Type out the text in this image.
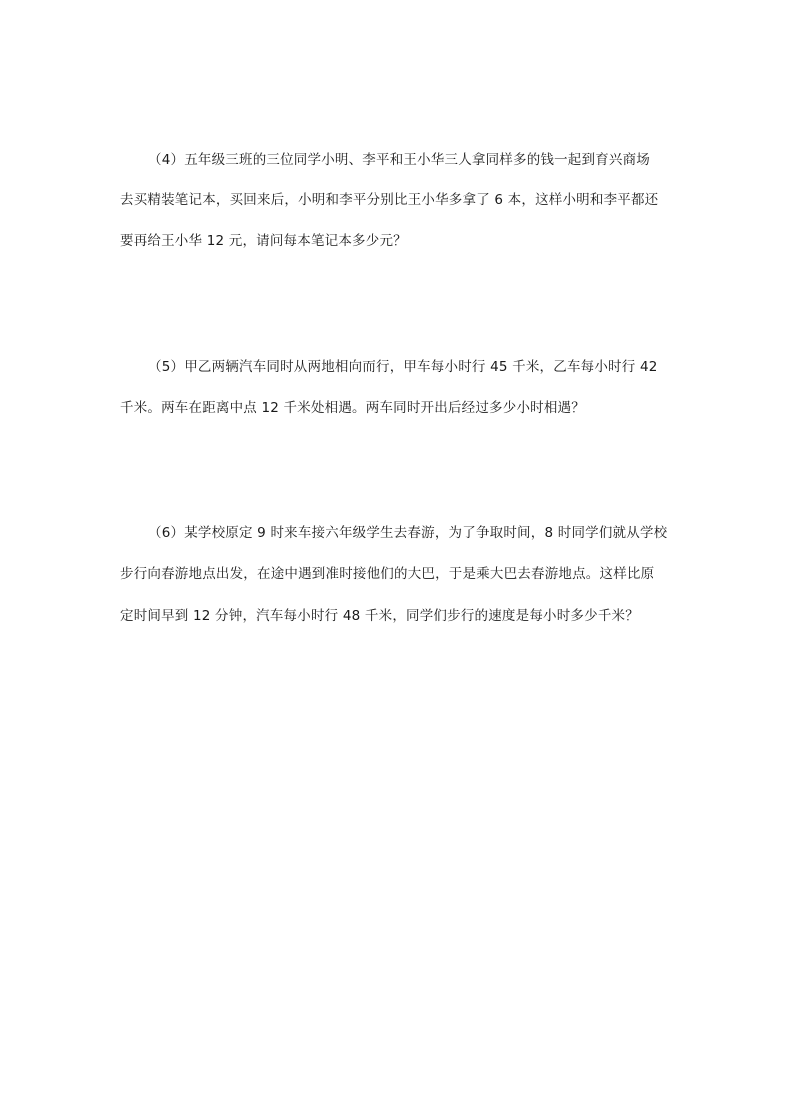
（4）五年级三班的三位同学小明、李平和王小华三人拿同样多的钱一起到育兴商场
去买精装笔记本，买回来后，小明和李平分别比王小华多拿了 6 本，这样小明和李平都还
要再给王小华 12 元，请问每本笔记本多少元？
（5）甲乙两辆汽车同时从两地相向而行，甲车每小时行 45 千米，乙车每小时行 42
千米。两车在距离中点 12 千米处相遇。两车同时开出后经过多少小时相遇？
（6）某学校原定 9 时来车接六年级学生去春游，为了争取时间，8 时同学们就从学校
步行向春游地点出发，在途中遇到准时接他们的大巴，于是乘大巴去春游地点。这样比原
定时间早到 12 分钟，汽车每小时行 48 千米，同学们步行的速度是每小时多少千米？
